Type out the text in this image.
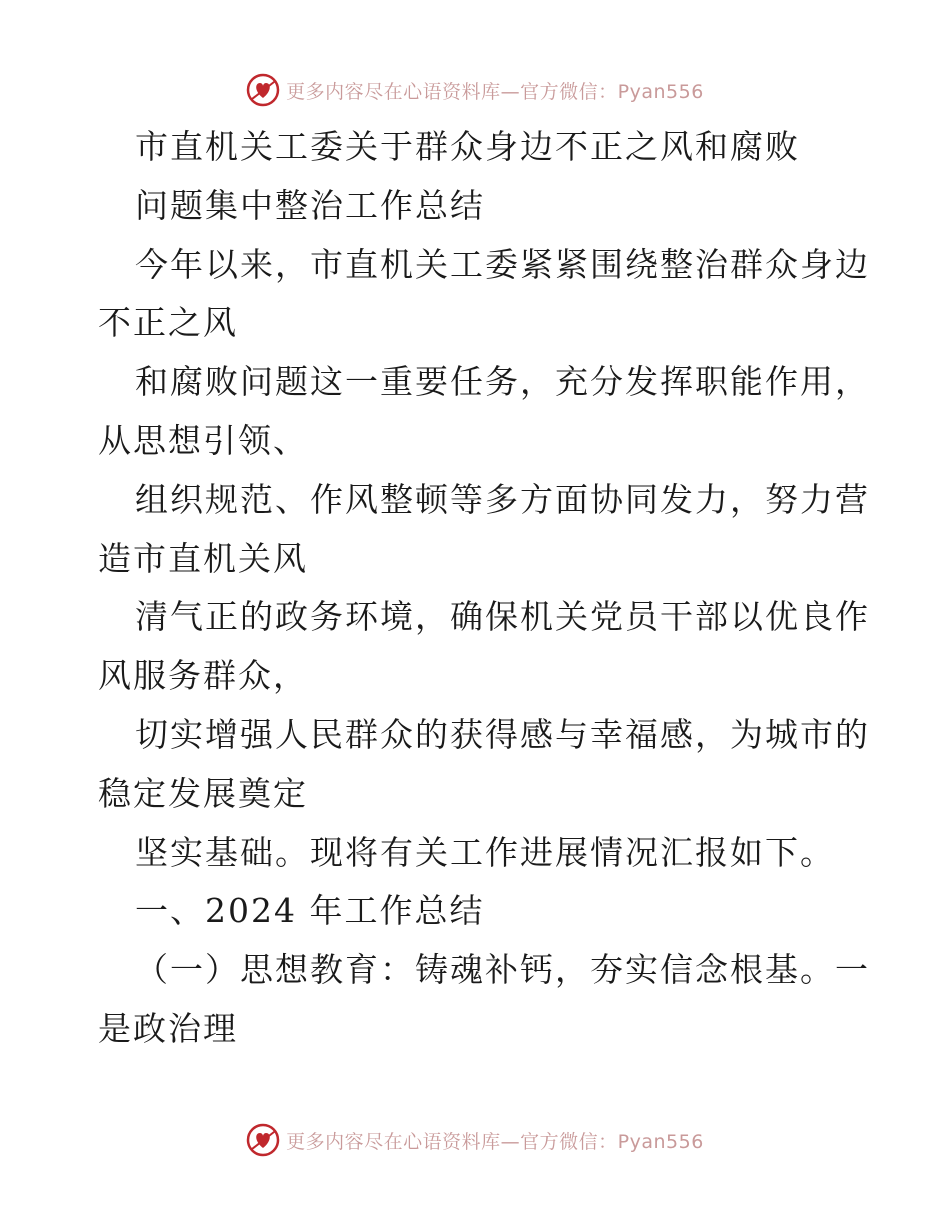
更多内容尽在心语资料库—官方微信：Pyan556
市直机关工委关于群众身边不正之风和腐败
问题集中整治工作总结
今年以来，市直机关工委紧紧围绕整治群众身边
不正之风
和腐败问题这一重要任务，充分发挥职能作用，
从思想引领、
组织规范、作风整顿等多方面协同发力，努力营
造市直机关风
清气正的政务环境，确保机关党员干部以优良作
风服务群众，
切实增强人民群众的获得感与幸福感，为城市的
稳定发展奠定
坚实基础。现将有关工作进展情况汇报如下。
一、2024 年工作总结
（一）思想教育：铸魂补钙，夯实信念根基。一
是政治理
更多内容尽在心语资料库—官方微信：Pyan556
